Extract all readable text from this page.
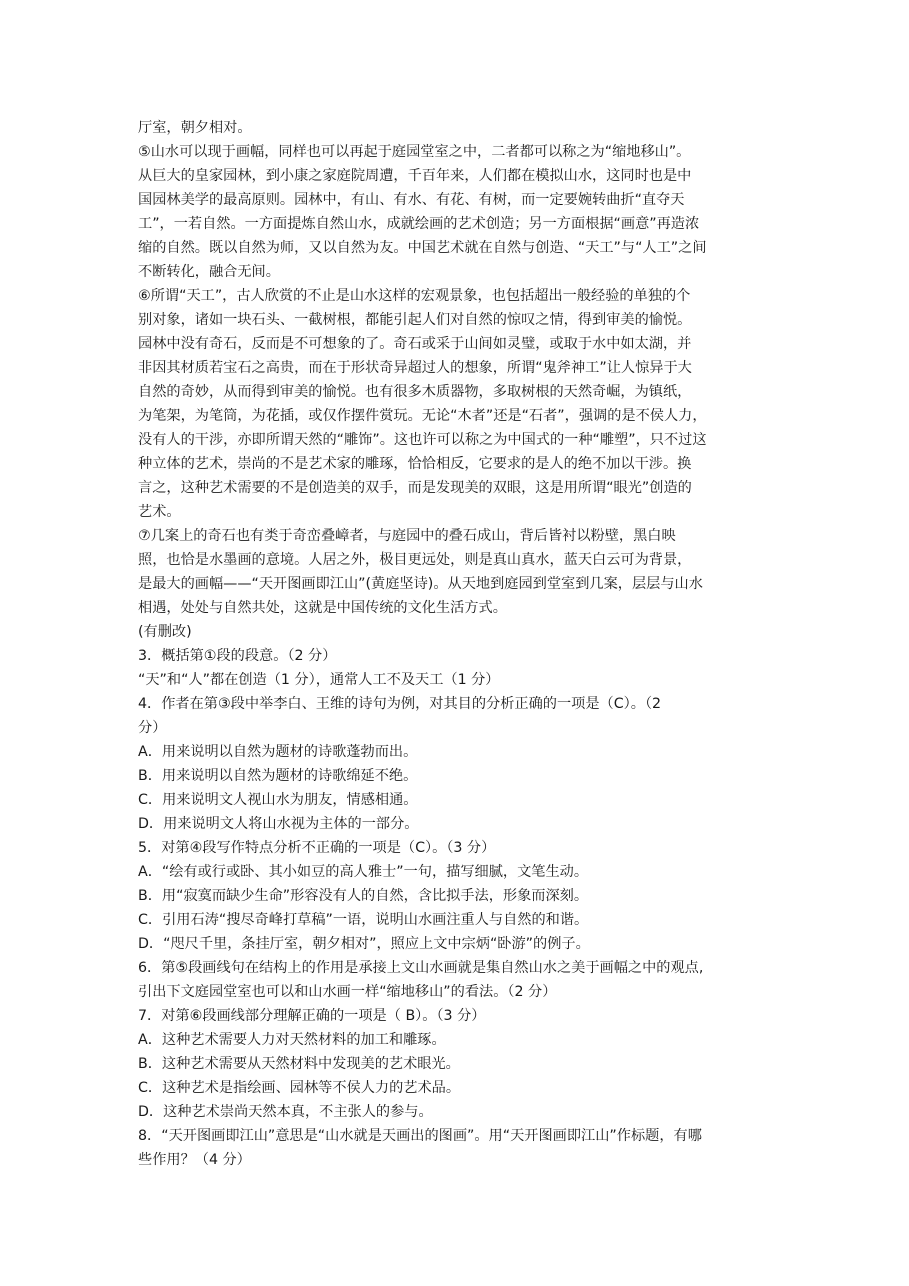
厅室，朝夕相对。
⑤山水可以现于画幅，同样也可以再起于庭园堂室之中，二者都可以称之为“缩地移山”。
从巨大的皇家园林，到小康之家庭院周遭，千百年来，人们都在模拟山水，这同时也是中
国园林美学的最高原则。园林中，有山、有水、有花、有树，而一定要婉转曲折“直夺天
工”，一若自然。一方面提炼自然山水，成就绘画的艺术创造；另一方面根据“画意”再造浓
缩的自然。既以自然为师，又以自然为友。中国艺术就在自然与创造、“天工”与“人工”之间
不断转化，融合无间。
⑥所谓“天工”，古人欣赏的不止是山水这样的宏观景象，也包括超出一般经验的单独的个
别对象，诸如一块石头、一截树根，都能引起人们对自然的惊叹之情，得到审美的愉悦。
园林中没有奇石，反而是不可想象的了。奇石或采于山间如灵璧，或取于水中如太湖，并
非因其材质若宝石之高贵，而在于形状奇异超过人的想象，所谓“鬼斧神工”让人惊异于大
自然的奇妙，从而得到审美的愉悦。也有很多木质器物，多取树根的天然奇崛，为镇纸，
为笔架，为笔筒，为花插，或仅作摆件赏玩。无论“木者”还是“石者”，强调的是不侯人力，
没有人的干涉，亦即所谓天然的“雕饰”。这也许可以称之为中国式的一种“雕塑”，只不过这
种立体的艺术，崇尚的不是艺术家的雕琢，恰恰相反，它要求的是人的绝不加以干涉。换
言之，这种艺术需要的不是创造美的双手，而是发现美的双眼，这是用所谓“眼光”创造的
艺术。
⑦几案上的奇石也有类于奇峦叠嶂者，与庭园中的叠石成山，背后皆衬以粉壁，黑白映
照，也恰是水墨画的意境。人居之外，极目更远处，则是真山真水，蓝天白云可为背景，
是最大的画幅——“天开图画即江山”(黄庭坚诗)。从天地到庭园到堂室到几案，层层与山水
相遇，处处与自然共处，这就是中国传统的文化生活方式。
(有删改)
3．概括第①段的段意。（2 分）
“天”和“人”都在创造（1 分），通常人工不及天工（1 分）
4．作者在第③段中举李白、王维的诗句为例，对其目的分析正确的一项是（C）。（2
分）
A．用来说明以自然为题材的诗歌蓬勃而出。
B．用来说明以自然为题材的诗歌绵延不绝。
C．用来说明文人视山水为朋友，情感相通。
D．用来说明文人将山水视为主体的一部分。
5．对第④段写作特点分析不正确的一项是（C）。（3 分）
A．“绘有或行或卧、其小如豆的高人雅士”一句，描写细腻，文笔生动。
B．用“寂寞而缺少生命”形容没有人的自然，含比拟手法，形象而深刻。
C．引用石涛“搜尽奇峰打草稿”一语，说明山水画注重人与自然的和谐。
D．“咫尺千里，条挂厅室，朝夕相对”，照应上文中宗炳“卧游”的例子。
6．第⑤段画线句在结构上的作用是承接上文山水画就是集自然山水之美于画幅之中的观点,
引出下文庭园堂室也可以和山水画一样“缩地移山”的看法。（2 分）
7．对第⑥段画线部分理解正确的一项是（ B）。（3 分）
A．这种艺术需要人力对天然材料的加工和雕琢。
B．这种艺术需要从天然材料中发现美的艺术眼光。
C．这种艺术是指绘画、园林等不侯人力的艺术品。
D．这种艺术崇尚天然本真，不主张人的参与。
8．“天开图画即江山”意思是“山水就是天画出的图画”。用“天开图画即江山”作标题，有哪
些作用？（4 分）
